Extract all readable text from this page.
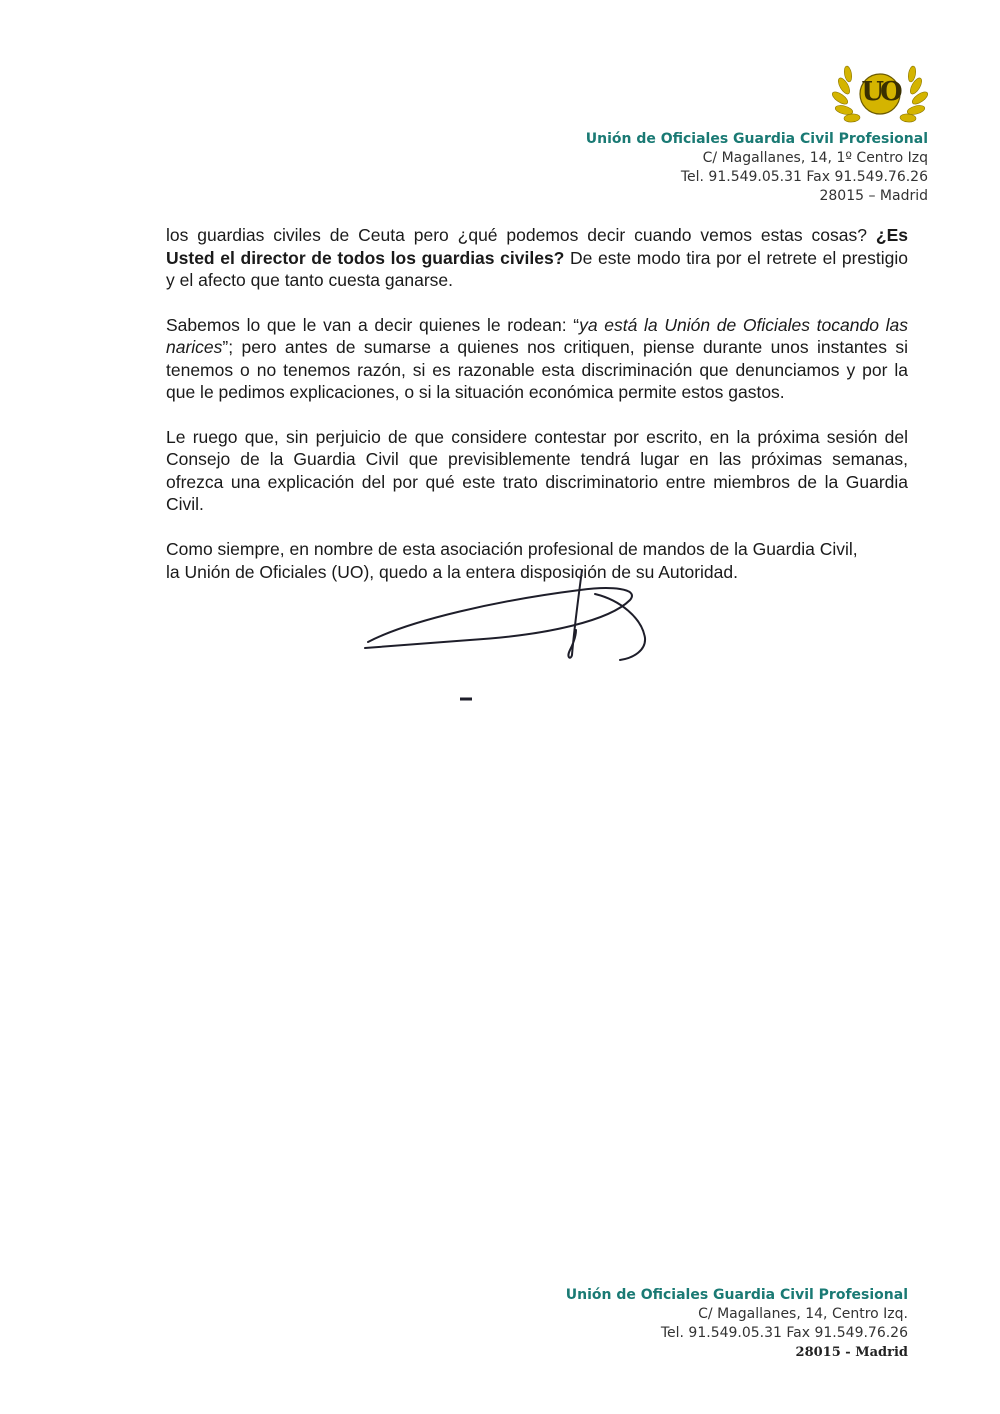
UO
Unión de Oficiales Guardia Civil Profesional
C/ Magallanes, 14, 1º Centro Izq
Tel. 91.549.05.31 Fax 91.549.76.26
28015 – Madrid

los guardias civiles de Ceuta pero ¿qué podemos decir cuando vemos estas cosas? ¿Es Usted el director de todos los guardias civiles? De este modo tira por el retrete el prestigio y el afecto que tanto cuesta ganarse.

Sabemos lo que le van a decir quienes le rodean: “ya está la Unión de Oficiales tocando las narices”; pero antes de sumarse a quienes nos critiquen, piense durante unos instantes si tenemos o no tenemos razón, si es razonable esta discriminación que denunciamos y por la que le pedimos explicaciones, o si la situación económica permite estos gastos.

Le ruego que, sin perjuicio de que considere contestar por escrito, en la próxima sesión del Consejo de la Guardia Civil que previsiblemente tendrá lugar en las próximas semanas, ofrezca una explicación del por qué este trato discriminatorio entre miembros de la Guardia Civil.

Como siempre, en nombre de esta asociación profesional de mandos de la Guardia Civil,
la Unión de Oficiales (UO), quedo a la entera disposición de su Autoridad.

Unión de Oficiales Guardia Civil Profesional
C/ Magallanes, 14, Centro Izq.
Tel. 91.549.05.31 Fax 91.549.76.26
28015 - Madrid
